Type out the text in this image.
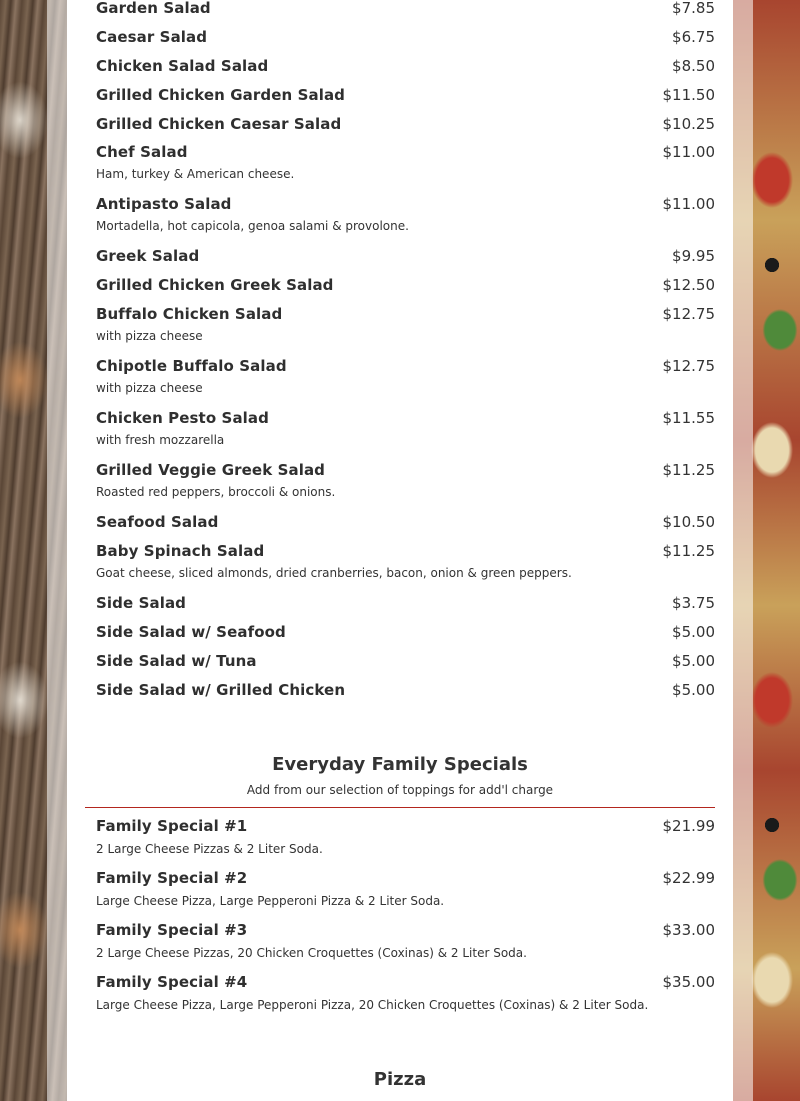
Garden Salad	$7.85
Caesar Salad	$6.75
Chicken Salad Salad	$8.50
Grilled Chicken Garden Salad	$11.50
Grilled Chicken Caesar Salad	$10.25
Chef Salad	$11.00
Ham, turkey & American cheese.
Antipasto Salad	$11.00
Mortadella, hot capicola, genoa salami & provolone.
Greek Salad	$9.95
Grilled Chicken Greek Salad	$12.50
Buffalo Chicken Salad	$12.75
with pizza cheese
Chipotle Buffalo Salad	$12.75
with pizza cheese
Chicken Pesto Salad	$11.55
with fresh mozzarella
Grilled Veggie Greek Salad	$11.25
Roasted red peppers, broccoli & onions.
Seafood Salad	$10.50
Baby Spinach Salad	$11.25
Goat cheese, sliced almonds, dried cranberries, bacon, onion & green peppers.
Side Salad	$3.75
Side Salad w/ Seafood	$5.00
Side Salad w/ Tuna	$5.00
Side Salad w/ Grilled Chicken	$5.00
Everyday Family Specials
Add from our selection of toppings for add'l charge
Family Special #1	$21.99
2 Large Cheese Pizzas & 2 Liter Soda.
Family Special #2	$22.99
Large Cheese Pizza, Large Pepperoni Pizza & 2 Liter Soda.
Family Special #3	$33.00
2 Large Cheese Pizzas, 20 Chicken Croquettes (Coxinas) & 2 Liter Soda.
Family Special #4	$35.00
Large Cheese Pizza, Large Pepperoni Pizza, 20 Chicken Croquettes (Coxinas) & 2 Liter Soda.
Pizza
